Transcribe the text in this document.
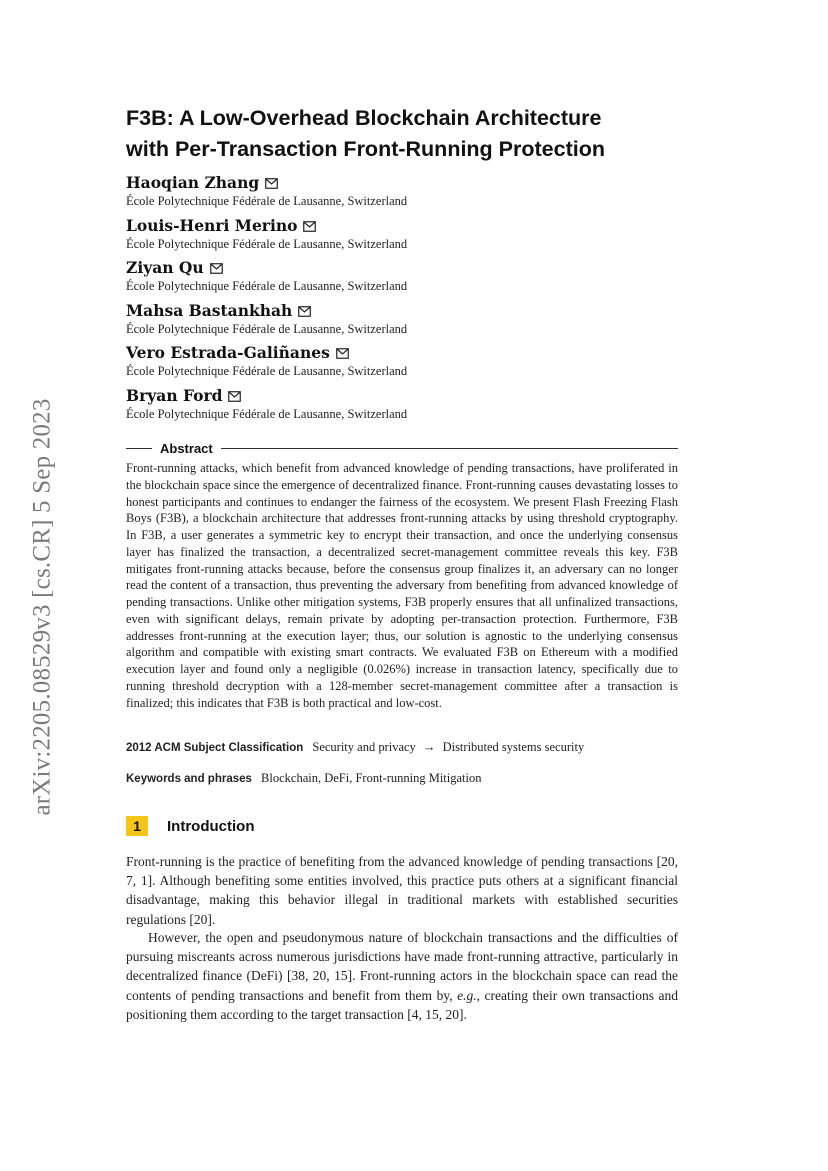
arXiv:2205.08529v3 [cs.CR] 5 Sep 2023
F3B: A Low-Overhead Blockchain Architecture
with Per-Transaction Front-Running Protection
Haoqian Zhang
École Polytechnique Fédérale de Lausanne, Switzerland
Louis-Henri Merino
École Polytechnique Fédérale de Lausanne, Switzerland
Ziyan Qu
École Polytechnique Fédérale de Lausanne, Switzerland
Mahsa Bastankhah
École Polytechnique Fédérale de Lausanne, Switzerland
Vero Estrada-Galiñanes
École Polytechnique Fédérale de Lausanne, Switzerland
Bryan Ford
École Polytechnique Fédérale de Lausanne, Switzerland
Abstract

Front-running attacks, which benefit from advanced knowledge of pending transactions, have proliferated in the blockchain space since the emergence of decentralized finance. Front-running causes devastating losses to honest participants and continues to endanger the fairness of the ecosystem. We present Flash Freezing Flash Boys (F3B), a blockchain architecture that addresses front-running attacks by using threshold cryptography. In F3B, a user generates a symmetric key to encrypt their transaction, and once the underlying consensus layer has finalized the transaction, a decentralized secret-management committee reveals this key. F3B mitigates front-running attacks because, before the consensus group finalizes it, an adversary can no longer read the content of a transaction, thus preventing the adversary from benefiting from advanced knowledge of pending transactions. Unlike other mitigation systems, F3B properly ensures that all unfinalized transactions, even with significant delays, remain private by adopting per-transaction protection. Furthermore, F3B addresses front-running at the execution layer; thus, our solution is agnostic to the underlying consensus algorithm and compatible with existing smart contracts. We evaluated F3B on Ethereum with a modified execution layer and found only a negligible (0.026%) increase in transaction latency, specifically due to running threshold decryption with a 128-member secret-management committee after a transaction is finalized; this indicates that F3B is both practical and low-cost.

2012 ACM Subject Classification Security and privacy → Distributed systems security
Keywords and phrases Blockchain, DeFi, Front-running Mitigation
1	Introduction

Front-running is the practice of benefiting from the advanced knowledge of pending transactions [20, 7, 1]. Although benefiting some entities involved, this practice puts others at a significant financial disadvantage, making this behavior illegal in traditional markets with established securities regulations [20].

However, the open and pseudonymous nature of blockchain transactions and the difficulties of pursuing miscreants across numerous jurisdictions have made front-running attractive, particularly in decentralized finance (DeFi) [38, 20, 15]. Front-running actors in the blockchain space can read the contents of pending transactions and benefit from them by, e.g., creating their own transactions and positioning them according to the target transaction [4, 15, 20].
